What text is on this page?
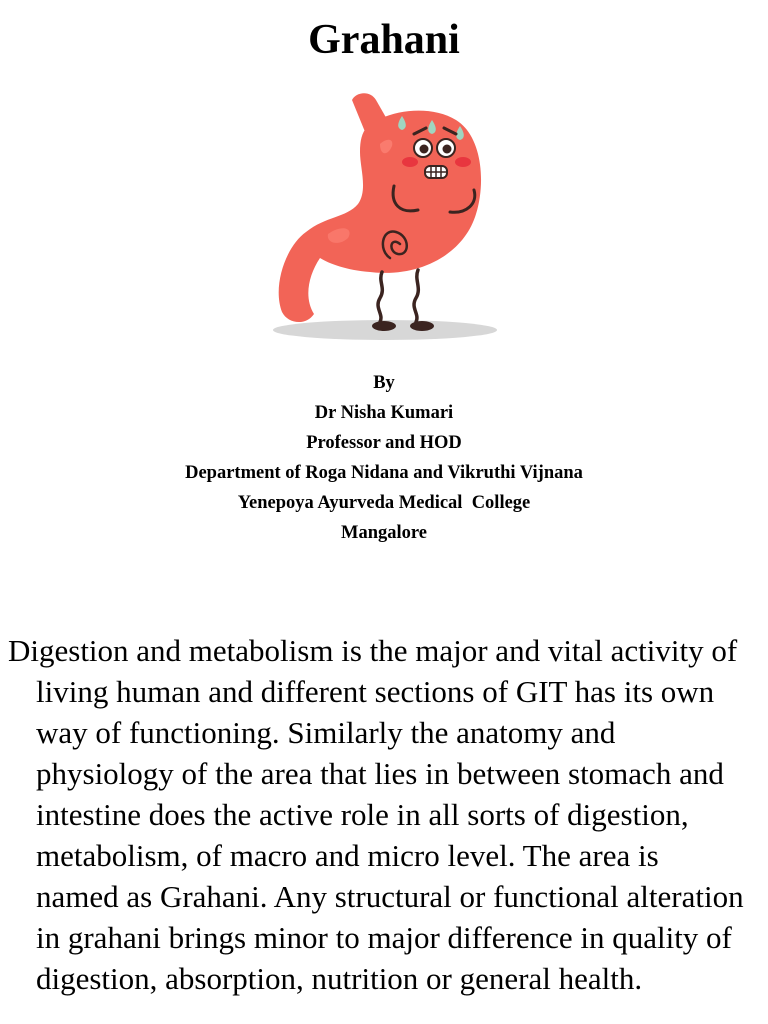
Grahani
By
Dr Nisha Kumari
Professor and HOD
Department of Roga Nidana and Vikruthi Vijnana
Yenepoya Ayurveda Medical  College
Mangalore
Digestion and metabolism is the major and vital activity of living human and different sections of GIT has its own way of functioning. Similarly the anatomy and physiology of the area that lies in between stomach and intestine does the active role in all sorts of digestion, metabolism, of macro and micro level. The area is named as Grahani. Any structural or functional alteration in grahani brings minor to major difference in quality of digestion, absorption, nutrition or general health.
